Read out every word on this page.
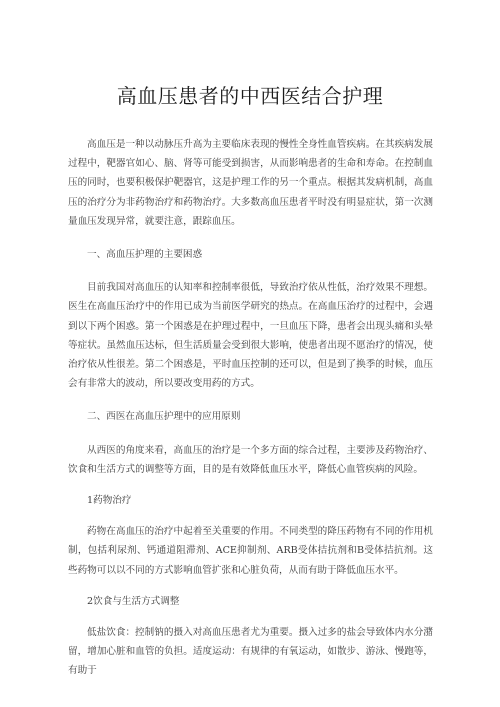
高血压患者的中西医结合护理

高血压是一种以动脉压升高为主要临床表现的慢性全身性血管疾病。在其疾病发展过程中，靶器官如心、脑、肾等可能受到损害，从而影响患者的生命和寿命。在控制血压的同时，也要积极保护靶器官，这是护理工作的另一个重点。根据其发病机制，高血压的治疗分为非药物治疗和药物治疗。大多数高血压患者平时没有明显症状，第一次测量血压发现异常，就要注意，跟踪血压。

一、高血压护理的主要困惑

目前我国对高血压的认知率和控制率很低，导致治疗依从性低，治疗效果不理想。医生在高血压治疗中的作用已成为当前医学研究的热点。在高血压治疗的过程中，会遇到以下两个困惑。第一个困惑是在护理过程中，一旦血压下降，患者会出现头痛和头晕等症状。虽然血压达标，但生活质量会受到很大影响，使患者出现不愿治疗的情况，使治疗依从性很差。第二个困惑是，平时血压控制的还可以，但是到了换季的时候，血压会有非常大的波动，所以要改变用药的方式。

二、西医在高血压护理中的应用原则

从西医的角度来看，高血压的治疗是一个多方面的综合过程，主要涉及药物治疗、饮食和生活方式的调整等方面，目的是有效降低血压水平，降低心血管疾病的风险。

1药物治疗

药物在高血压的治疗中起着至关重要的作用。不同类型的降压药物有不同的作用机制，包括利尿剂、钙通道阻滞剂、ACE抑制剂、ARB受体拮抗剂和B受体拮抗剂。这些药物可以以不同的方式影响血管扩张和心脏负荷，从而有助于降低血压水平。

2饮食与生活方式调整

低盐饮食：控制钠的摄入对高血压患者尤为重要。摄入过多的盐会导致体内水分潴留，增加心脏和血管的负担。适度运动：有规律的有氧运动，如散步、游泳、慢跑等，有助于
